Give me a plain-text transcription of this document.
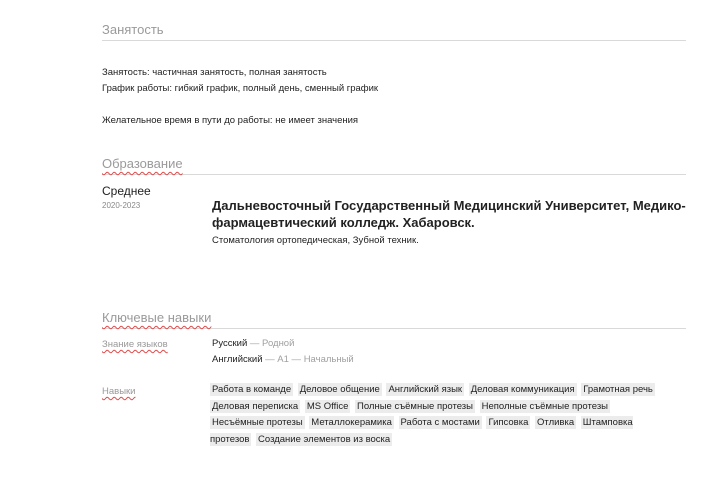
Занятость
Занятость: частичная занятость, полная занятость
График работы: гибкий график, полный день, сменный график
Желательное время в пути до работы: не имеет значения
Образование
Среднее
2020-2023	Дальневосточный Государственный Медицинский Университет, Медико-фармацевтический колледж. Хабаровск.
Стоматология ортопедическая, Зубной техник.
Ключевые навыки
Знание языков	Русский — Родной
Английский — A1 — Начальный
Навыки	Работа в команде Деловое общение Английский язык Деловая коммуникация Грамотная речь Деловая переписка MS Office Полные съёмные протезы Неполные съёмные протезы Несъёмные протезы Металлокерамика Работа с мостами Гипсовка Отливка Штамповка протезов Создание элементов из воска
